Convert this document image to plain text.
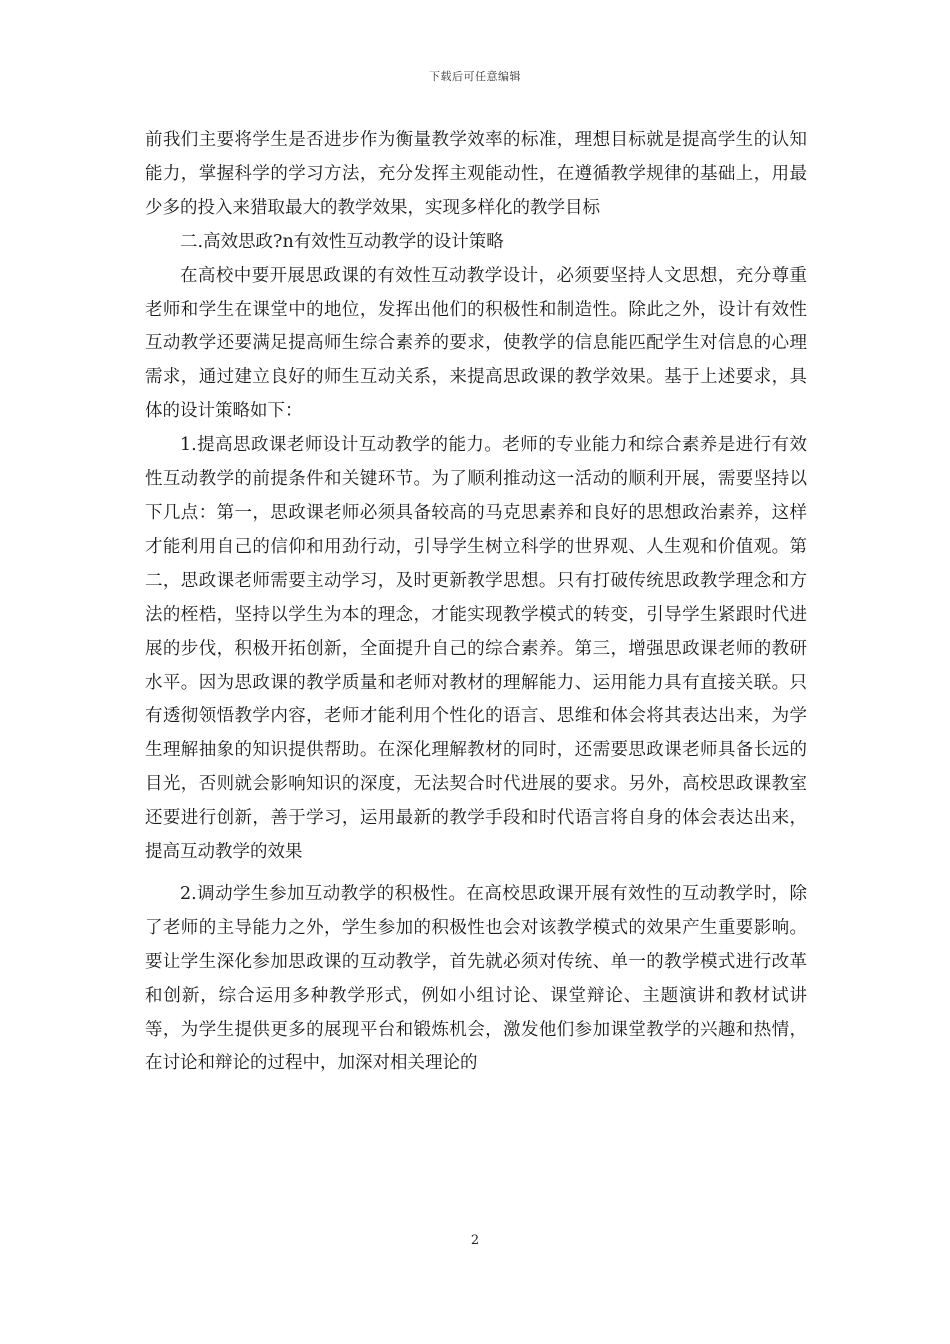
下载后可任意编辑

前我们主要将学生是否进步作为衡量教学效率的标准，理想目标就是提高学生的认知能力，掌握科学的学习方法，充分发挥主观能动性，在遵循教学规律的基础上，用最少多的投入来猎取最大的教学效果，实现多样化的教学目标

二.高效思政?n有效性互动教学的设计策略

在高校中要开展思政课的有效性互动教学设计，必须要坚持人文思想，充分尊重老师和学生在课堂中的地位，发挥出他们的积极性和制造性。除此之外，设计有效性互动教学还要满足提高师生综合素养的要求，使教学的信息能匹配学生对信息的心理需求，通过建立良好的师生互动关系，来提高思政课的教学效果。基于上述要求，具体的设计策略如下：

1.提高思政课老师设计互动教学的能力。老师的专业能力和综合素养是进行有效性互动教学的前提条件和关键环节。为了顺利推动这一活动的顺利开展，需要坚持以下几点：第一，思政课老师必须具备较高的马克思素养和良好的思想政治素养，这样才能利用自己的信仰和用劲行动，引导学生树立科学的世界观、人生观和价值观。第二，思政课老师需要主动学习，及时更新教学思想。只有打破传统思政教学理念和方法的桎梏，坚持以学生为本的理念，才能实现教学模式的转变，引导学生紧跟时代进展的步伐，积极开拓创新，全面提升自己的综合素养。第三，增强思政课老师的教研水平。因为思政课的教学质量和老师对教材的理解能力、运用能力具有直接关联。只有透彻领悟教学内容，老师才能利用个性化的语言、思维和体会将其表达出来，为学生理解抽象的知识提供帮助。在深化理解教材的同时，还需要思政课老师具备长远的目光，否则就会影响知识的深度，无法契合时代进展的要求。另外，高校思政课教室还要进行创新，善于学习，运用最新的教学手段和时代语言将自身的体会表达出来，提高互动教学的效果

2.调动学生参加互动教学的积极性。在高校思政课开展有效性的互动教学时，除了老师的主导能力之外，学生参加的积极性也会对该教学模式的效果产生重要影响。要让学生深化参加思政课的互动教学，首先就必须对传统、单一的教学模式进行改革和创新，综合运用多种教学形式，例如小组讨论、课堂辩论、主题演讲和教材试讲等，为学生提供更多的展现平台和锻炼机会，激发他们参加课堂教学的兴趣和热情，在讨论和辩论的过程中，加深对相关理论的

2
